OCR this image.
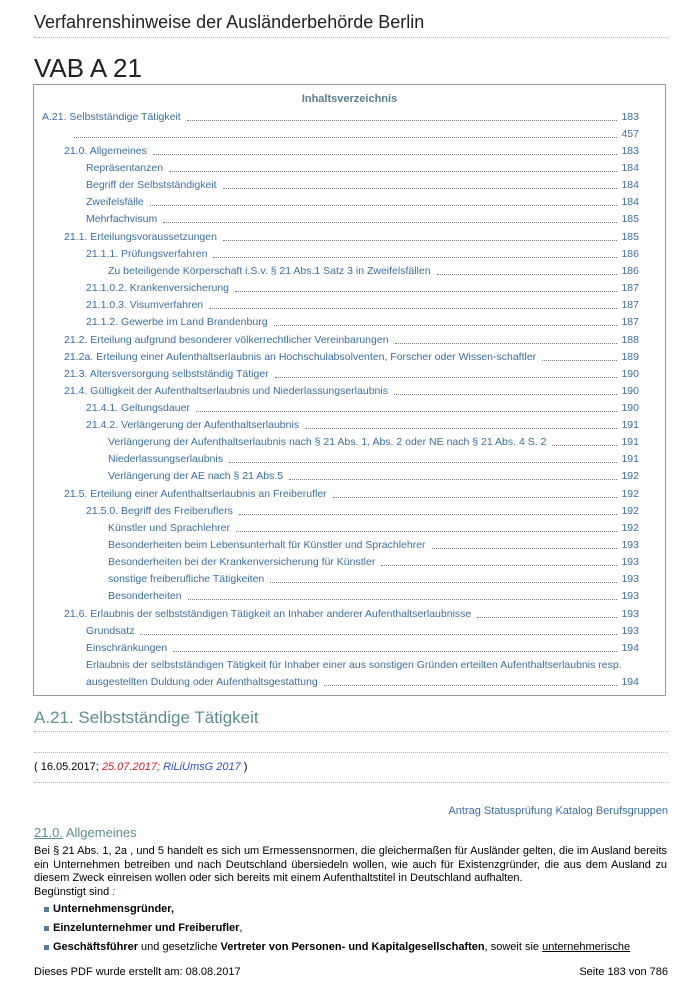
Verfahrenshinweise der Ausländerbehörde Berlin
VAB A 21
Inhaltsverzeichnis
A.21. Selbstständige Tätigkeit	183
457
21.0. Allgemeines	183
Repräsentanzen	184
Begriff der Selbstständigkeit	184
Zweifelsfälle	184
Mehrfachvisum	185
21.1. Erteilungsvoraussetzungen	185
21.1.1. Prüfungsverfahren	186
Zu beteiligende Körperschaft i.S.v. § 21 Abs.1 Satz 3 in Zweifelsfällen	186
21.1.0.2. Krankenversicherung	187
21.1.0.3. Visumverfahren	187
21.1.2. Gewerbe im Land Brandenburg	187
21.2. Erteilung aufgrund besonderer völkerrechtlicher Vereinbarungen	188
21.2a. Erteilung einer Aufenthaltserlaubnis an Hochschulabsolventen, Forscher oder Wissen-schaftler	189
21.3. Altersversorgung selbstständig Tätiger	190
21.4. Gültigkeit der Aufenthaltserlaubnis und Niederlassungserlaubnis	190
21.4.1. Geltungsdauer	190
21.4.2. Verlängerung der Aufenthaltserlaubnis	191
Verlängerung der Aufenthaltserlaubnis nach § 21 Abs. 1, Abs. 2 oder NE nach § 21 Abs. 4 S. 2	191
Niederlassungserlaubnis	191
Verlängerung der AE nach § 21 Abs.5	192
21.5. Erteilung einer Aufenthaltserlaubnis an Freiberufler	192
21.5.0. Begriff des Freiberuflers	192
Künstler und Sprachlehrer	192
Besonderheiten beim Lebensunterhalt für Künstler und Sprachlehrer	193
Besonderheiten bei der Krankenversicherung für Künstler	193
sonstige freiberufliche Tätigkeiten	193
Besonderheiten	193
21.6. Erlaubnis der selbstständigen Tätigkeit an Inhaber anderer Aufenthaltserlaubnisse	193
Grundsatz	193
Einschränkungen	194
Erlaubnis der selbstständigen Tätigkeit für Inhaber einer aus sonstigen Gründen erteilten Aufenthaltserlaubnis resp.
ausgestellten Duldung oder Aufenthaltsgestattung	194
A.21. Selbstständige Tätigkeit
( 16.05.2017; 25.07.2017; RiLiUmsG 2017 )
Antrag Statusprüfung Katalog Berufsgruppen
21.0. Allgemeines
Bei § 21 Abs. 1, 2a , und 5 handelt es sich um Ermessensnormen, die gleichermaßen für Ausländer gelten, die im Ausland bereits ein Unternehmen betreiben und nach Deutschland übersiedeln wollen, wie auch für Existenzgründer, die aus dem Ausland zu diesem Zweck einreisen wollen oder sich bereits mit einem Aufenthaltstitel in Deutschland aufhalten.
Begünstigt sind :
Unternehmensgründer,
Einzelunternehmer und Freiberufler ,
Geschäftsführer und gesetzliche Vertreter von Personen- und Kapitalgesellschaften , soweit sie unternehmerische
Dieses PDF wurde erstellt am: 08.08.2017	Seite 183 von 786
